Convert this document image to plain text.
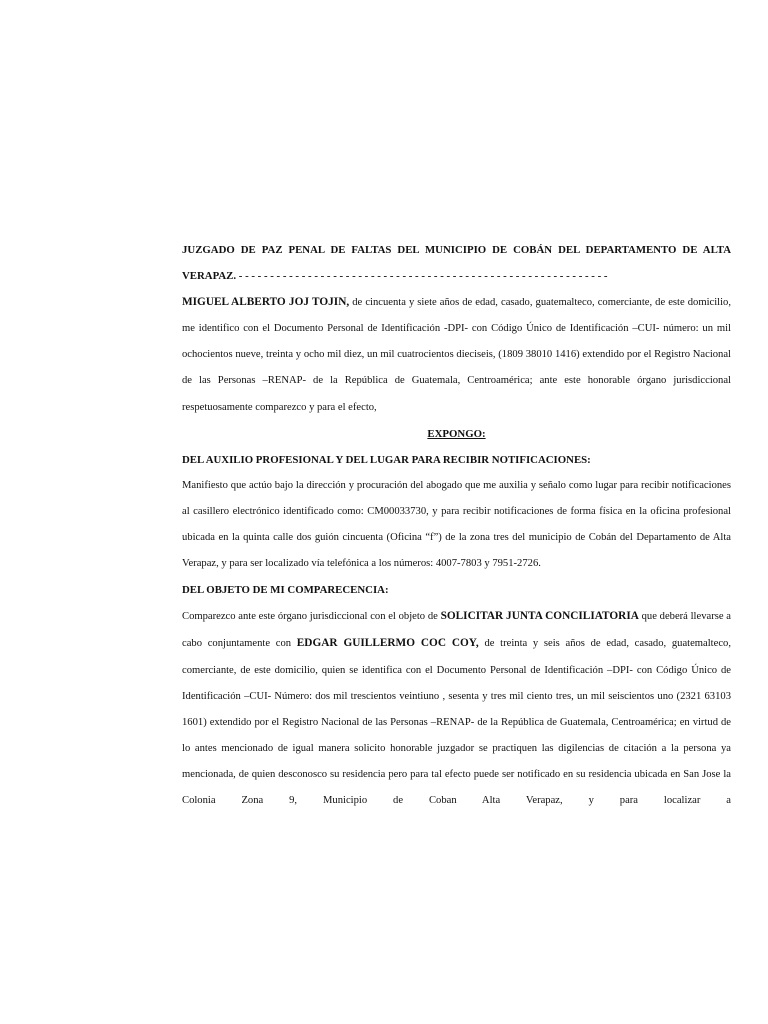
JUZGADO DE PAZ PENAL DE FALTAS DEL MUNICIPIO DE COBÁN DEL DEPARTAMENTO DE ALTA

VERAPAZ. - - - - - - - - - - - - - - - - - - - - - - - - - - - - - - - - - - - - - - - - - - - - - - - - - - - - - - - - - - -

MIGUEL ALBERTO JOJ TOJIN, de cincuenta y siete años de edad, casado, guatemalteco, comerciante, de este domicilio, me identifico con el Documento Personal de Identificación -DPI- con Código Único de Identificación –CUI- número: un mil ochocientos nueve, treinta y ocho mil diez, un mil cuatrocientos dieciseis, (1809 38010 1416) extendido por el Registro Nacional de las Personas –RENAP- de la República de Guatemala, Centroamérica; ante este honorable órgano jurisdiccional respetuosamente comparezco y para el efecto,

EXPONGO:

DEL AUXILIO PROFESIONAL Y DEL LUGAR PARA RECIBIR NOTIFICACIONES:

Manifiesto que actúo bajo la dirección y procuración del abogado que me auxilia y señalo como lugar para recibir notificaciones al casillero electrónico identificado como: CM00033730, y para recibir notificaciones de forma física en la oficina profesional ubicada en la quinta calle dos guión cincuenta (Oficina “f”) de la zona tres del municipio de Cobán del Departamento de Alta Verapaz, y para ser localizado vía telefónica a los números: 4007-7803 y 7951-2726.

DEL OBJETO DE MI COMPARECENCIA:

Comparezco ante este órgano jurisdiccional con el objeto de SOLICITAR JUNTA CONCILIATORIA que deberá llevarse a cabo conjuntamente con EDGAR GUILLERMO COC COY, de treinta y seis años de edad, casado, guatemalteco, comerciante, de este domicilio, quien se identifica con el Documento Personal de Identificación –DPI- con Código Único de Identificación –CUI- Número: dos mil trescientos veintiuno , sesenta y tres mil ciento tres, un mil seiscientos uno (2321 63103 1601) extendido por el Registro Nacional de las Personas –RENAP- de la República de Guatemala, Centroamérica; en virtud de lo antes mencionado de igual manera solicito honorable juzgador se practiquen las digilencias de citación a la persona ya mencionada, de quien desconosco su residencia pero para tal efecto puede ser notificado en su residencia ubicada en San Jose la Colonia Zona 9, Municipio de Coban Alta Verapaz, y para localizar a
